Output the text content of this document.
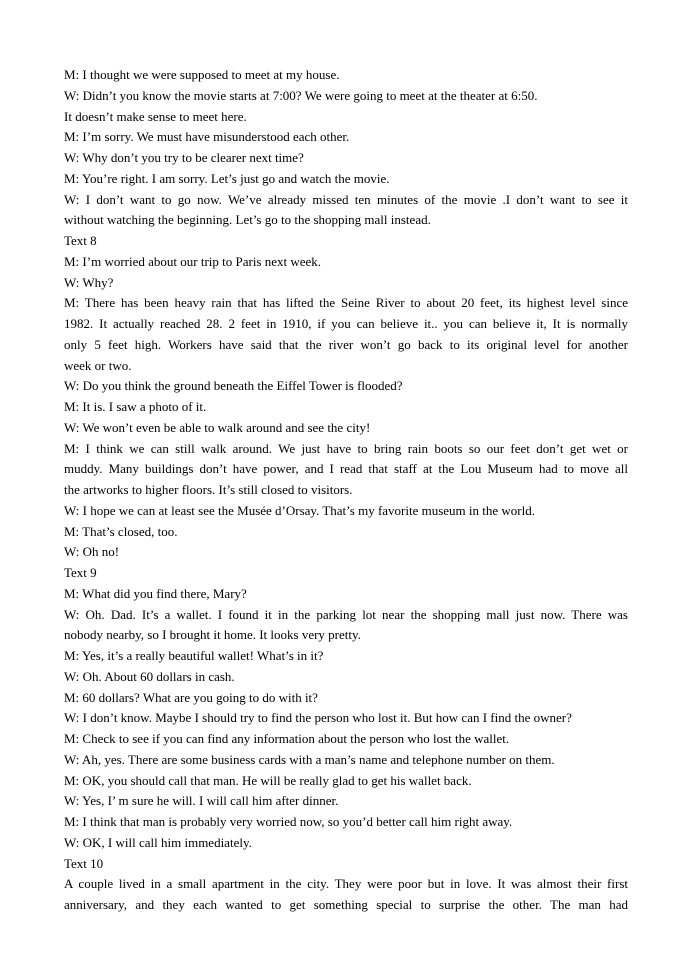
M: I thought we were supposed to meet at my house.
W: Didn’t you know the movie starts at 7:00? We were going to meet at the theater at 6:50.
It doesn’t make sense to meet here.
M: I’m sorry. We must have misunderstood each other.
W: Why don’t you try to be clearer next time?
M: You’re right. I am sorry. Let’s just go and watch the movie.
W: I don’t want to go now. We’ve already missed ten minutes of the movie .I don’t want to see it
without watching the beginning. Let’s go to the shopping mall instead.
Text 8
M: I’m worried about our trip to Paris next week.
W: Why?
M: There has been heavy rain that has lifted the Seine River to about 20 feet, its highest level since
1982. It actually reached 28. 2 feet in 1910, if you can believe it.. you can believe it, It is normally
only 5 feet high. Workers have said that the river won’t go back to its original level for another
week or two.
W: Do you think the ground beneath the Eiffel Tower is flooded?
M: It is. I saw a photo of it.
W: We won’t even be able to walk around and see the city!
M: I think we can still walk around. We just have to bring rain boots so our feet don’t get wet or
muddy. Many buildings don’t have power, and I read that staff at the Lou Museum had to move all
the artworks to higher floors. It’s still closed to visitors.
W: I hope we can at least see the Musée d’Orsay. That’s my favorite museum in the world.
M: That’s closed, too.
W: Oh no!
Text 9
M: What did you find there, Mary?
W: Oh. Dad. It’s a wallet. I found it in the parking lot near the shopping mall just now. There was
nobody nearby, so I brought it home. It looks very pretty.
M: Yes, it’s a really beautiful wallet! What’s in it?
W: Oh. About 60 dollars in cash.
M: 60 dollars? What are you going to do with it?
W: I don’t know. Maybe I should try to find the person who lost it. But how can I find the owner?
M: Check to see if you can find any information about the person who lost the wallet.
W: Ah, yes. There are some business cards with a man’s name and telephone number on them.
M: OK, you should call that man. He will be really glad to get his wallet back.
W: Yes, I’ m sure he will. I will call him after dinner.
M: I think that man is probably very worried now, so you’d better call him right away.
W: OK, I will call him immediately.
Text 10
A couple lived in a small apartment in the city. They were poor but in love. It was almost their first
anniversary, and they each wanted to get something special to surprise the other. The man had
